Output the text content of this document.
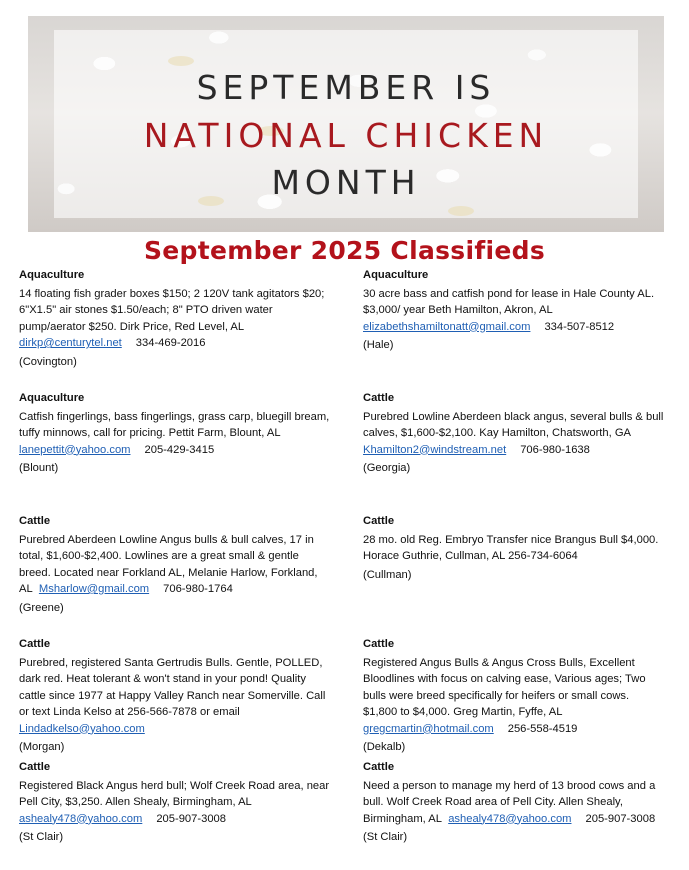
SEPTEMBER IS
NATIONAL CHICKEN
MONTH
September 2025 Classifieds
Aquaculture
14 floating fish grader boxes $150; 2 120V tank agitators $20;
6"X1.5" air stones $1.50/each; 8" PTO driven water
pump/aerator $250. Dirk Price, Red Level, AL
dirkp@centurytel.net 334-469-2016
(Covington)
Aquaculture
30 acre bass and catfish pond for lease in Hale County AL.
$3,000/ year Beth Hamilton, Akron, AL
elizabethshamiltonatt@gmail.com 334-507-8512
(Hale)
Aquaculture
Catfish fingerlings, bass fingerlings, grass carp, bluegill bream,
tuffy minnows, call for pricing. Pettit Farm, Blount, AL
lanepettit@yahoo.com 205-429-3415
(Blount)
Cattle
Purebred Lowline Aberdeen black angus, several bulls & bull
calves, $1,600-$2,100. Kay Hamilton, Chatsworth, GA
Khamilton2@windstream.net 706-980-1638
(Georgia)
Cattle
Purebred Aberdeen Lowline Angus bulls & bull calves, 17 in
total, $1,600-$2,400. Lowlines are a great small & gentle
breed. Located near Forkland AL, Melanie Harlow, Forkland,
AL Msharlow@gmail.com 706-980-1764
(Greene)
Cattle
28 mo. old Reg. Embryo Transfer nice Brangus Bull $4,000.
Horace Guthrie, Cullman, AL 256-734-6064
(Cullman)
Cattle
Purebred, registered Santa Gertrudis Bulls. Gentle, POLLED,
dark red. Heat tolerant & won't stand in your pond! Quality
cattle since 1977 at Happy Valley Ranch near Somerville. Call
or text Linda Kelso at 256-566-7878 or email
Lindadkelso@yahoo.com
(Morgan)
Cattle
Registered Angus Bulls & Angus Cross Bulls, Excellent
Bloodlines with focus on calving ease, Various ages; Two
bulls were breed specifically for heifers or small cows.
$1,800 to $4,000. Greg Martin, Fyffe, AL
gregcmartin@hotmail.com 256-558-4519
(Dekalb)
Cattle
Registered Black Angus herd bull; Wolf Creek Road area, near
Pell City, $3,250. Allen Shealy, Birmingham, AL
ashealy478@yahoo.com 205-907-3008
(St Clair)
Cattle
Need a person to manage my herd of 13 brood cows and a
bull. Wolf Creek Road area of Pell City. Allen Shealy,
Birmingham, AL ashealy478@yahoo.com 205-907-3008
(St Clair)
